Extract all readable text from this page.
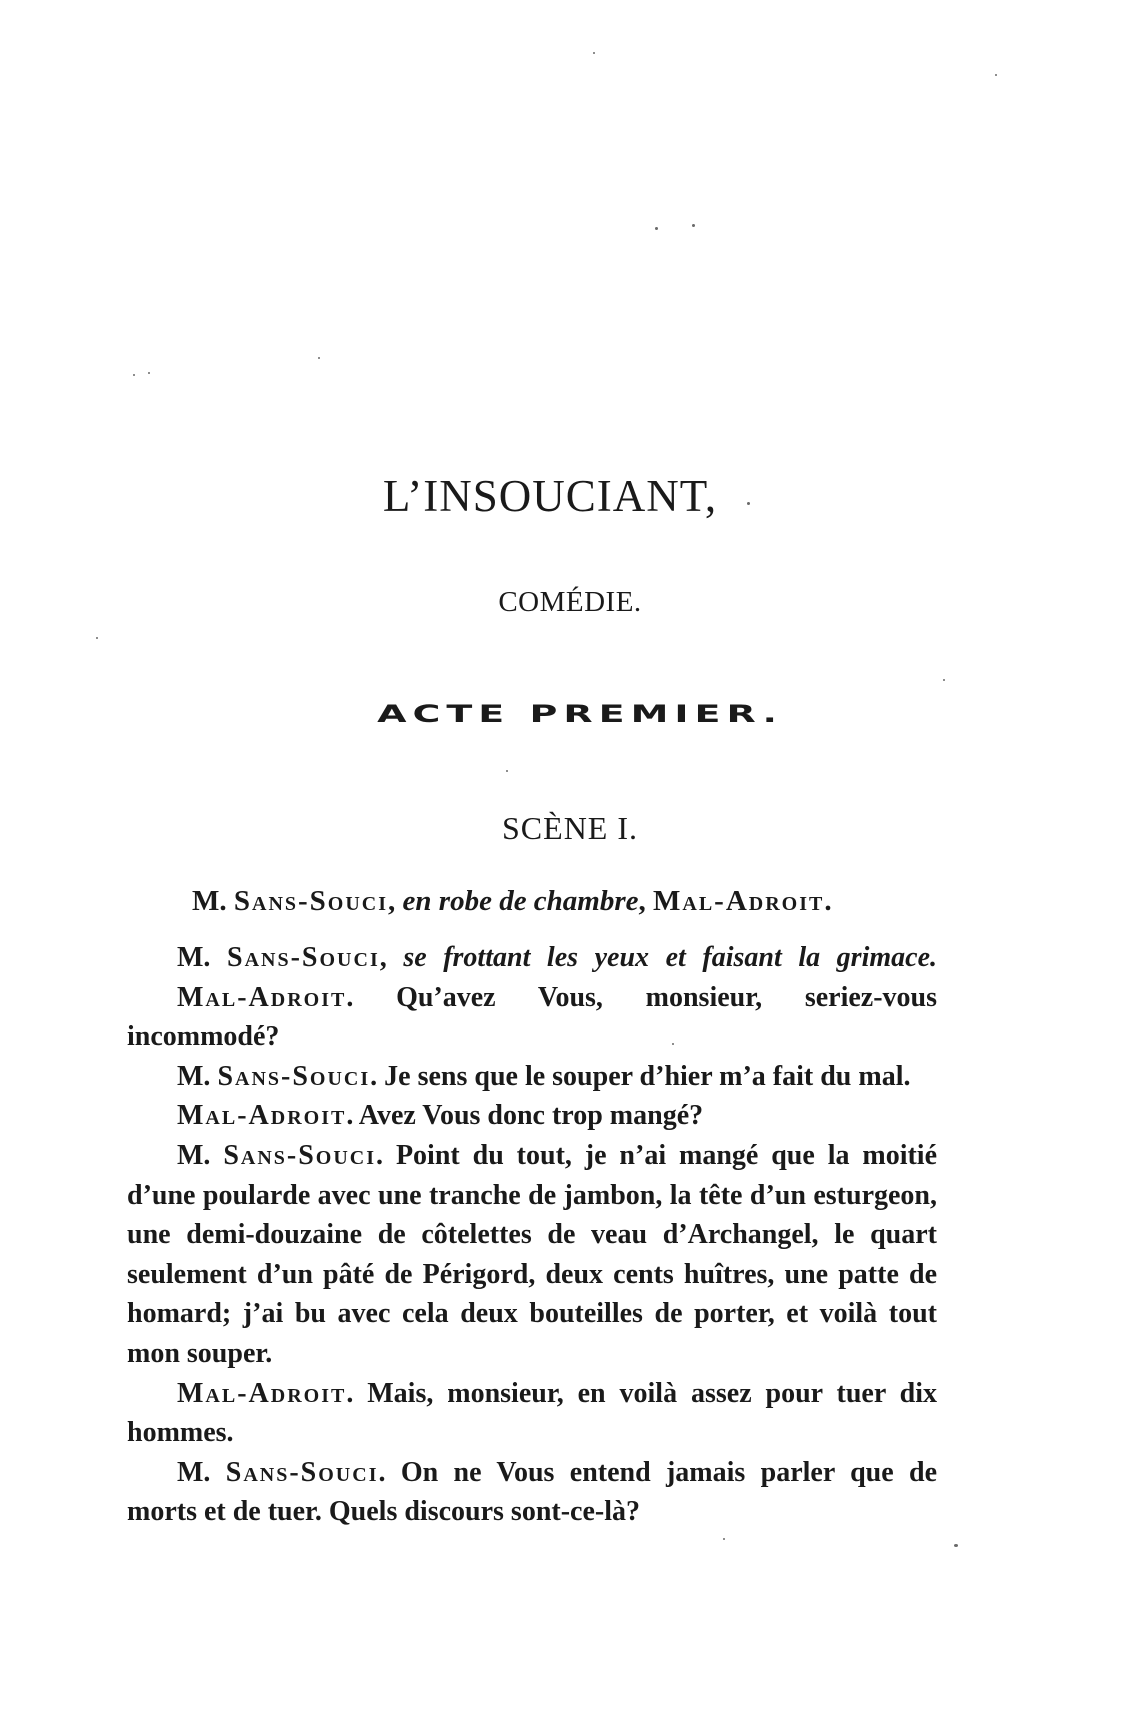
L’INSOUCIANT,
COMÉDIE.
ACTE PREMIER.
SCÈNE I.
M. Sans-Souci, en robe de chambre, Mal-Adroit.

M. Sans-Souci, se frottant les yeux et faisant la grimace.

Mal-Adroit. Qu’avez Vous, monsieur, seriez-vous incommodé?

M. Sans-Souci. Je sens que le souper d’hier m’a fait du mal.

Mal-Adroit. Avez Vous donc trop mangé?

M. Sans-Souci. Point du tout, je n’ai mangé que la moitié d’une poularde avec une tranche de jambon, la tête d’un esturgeon, une demi-douzaine de côtelettes de veau d’Archangel, le quart seulement d’un pâté de Périgord, deux cents huîtres, une patte de homard; j’ai bu avec cela deux bouteilles de porter, et voilà tout mon souper.

Mal-Adroit. Mais, monsieur, en voilà assez pour tuer dix hommes.

M. Sans-Souci. On ne Vous entend jamais parler que de morts et de tuer. Quels discours sont-ce-là?
